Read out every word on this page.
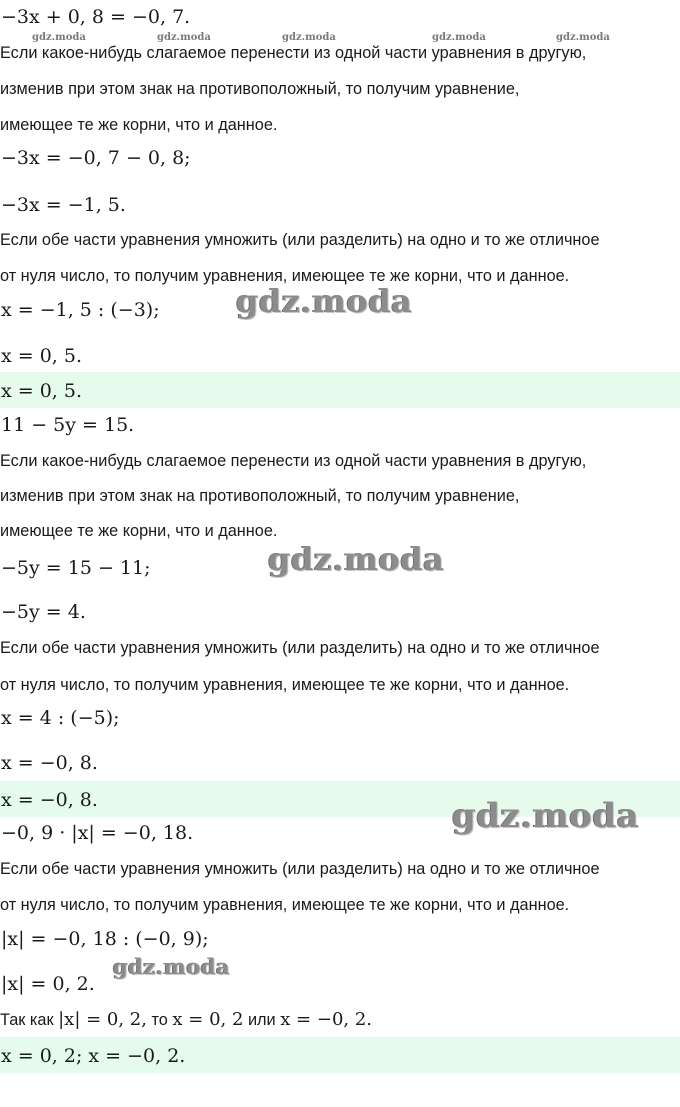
gdz.moda	gdz.moda	gdz.moda	gdz.moda	gdz.moda
−3x + 0, 8 = −0, 7.
Если какое-нибудь слагаемое перенести из одной части уравнения в другую,
изменив при этом знак на противоположный, то получим уравнение,
имеющее те же корни, что и данное.
−3x = −0, 7 − 0, 8;
−3x = −1, 5.
Если обе части уравнения умножить (или разделить) на одно и то же отличное
от нуля число, то получим уравнения, имеющее те же корни, что и данное.
x = −1, 5 : (−3);	gdz.moda
x = 0, 5.
x = 0, 5.
11 − 5y = 15.
Если какое-нибудь слагаемое перенести из одной части уравнения в другую,
изменив при этом знак на противоположный, то получим уравнение,
имеющее те же корни, что и данное.
−5y = 15 − 11;	gdz.moda
−5y = 4.
Если обе части уравнения умножить (или разделить) на одно и то же отличное
от нуля число, то получим уравнения, имеющее те же корни, что и данное.
x = 4 : (−5);
x = −0, 8.
x = −0, 8.
−0, 9 · |x| = −0, 18.	gdz.moda
Если обе части уравнения умножить (или разделить) на одно и то же отличное
от нуля число, то получим уравнения, имеющее те же корни, что и данное.
|x| = −0, 18 : (−0, 9);
gdz.moda
|x| = 0, 2.
Так как |x| = 0, 2, то x = 0, 2 или x = −0, 2.
x = 0, 2; x = −0, 2.
